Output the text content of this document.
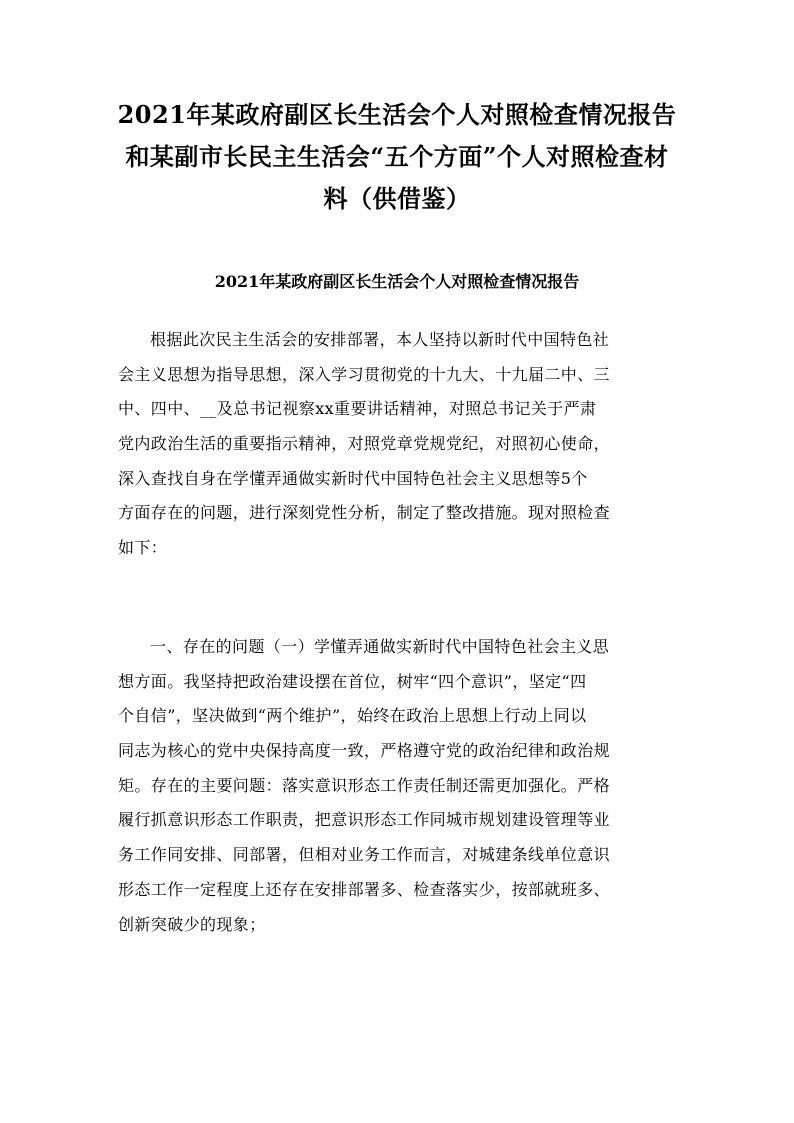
2021年某政府副区长生活会个人对照检查情况报告
和某副市长民主生活会“五个方面”个人对照检查材
料（供借鉴）
2021年某政府副区长生活会个人对照检查情况报告
根据此次民主生活会的安排部署，本人坚持以新时代中国特色社
会主义思想为指导思想，深入学习贯彻党的十九大、十九届二中、三
中、四中、__及总书记视察xx重要讲话精神，对照总书记关于严肃
党内政治生活的重要指示精神，对照党章党规党纪，对照初心使命，
深入查找自身在学懂弄通做实新时代中国特色社会主义思想等5个
方面存在的问题，进行深刻党性分析，制定了整改措施。现对照检查
如下：
一、存在的问题（一）学懂弄通做实新时代中国特色社会主义思
想方面。我坚持把政治建设摆在首位，树牢“四个意识”，坚定“四
个自信”，坚决做到“两个维护”，始终在政治上思想上行动上同以
同志为核心的党中央保持高度一致，严格遵守党的政治纪律和政治规
矩。存在的主要问题：落实意识形态工作责任制还需更加强化。严格
履行抓意识形态工作职责，把意识形态工作同城市规划建设管理等业
务工作同安排、同部署，但相对业务工作而言，对城建条线单位意识
形态工作一定程度上还存在安排部署多、检查落实少，按部就班多、
创新突破少的现象；
